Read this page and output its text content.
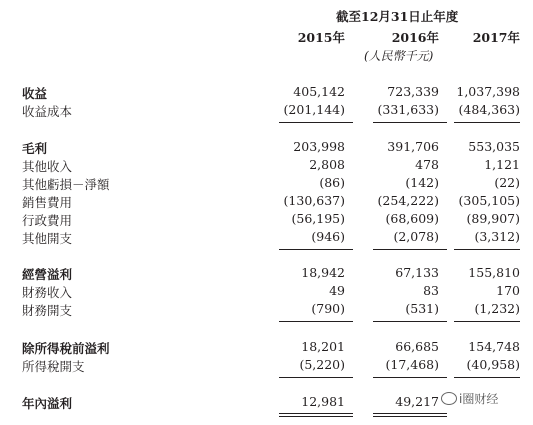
截至12月31日止年度
2015年	2016年	2017年
(人民幣千元)
收益	405,142	723,339	1,037,398
收益成本	(201,144)	(331,633)	(484,363)
毛利	203,998	391,706	553,035
其他收入	2,808	478	1,121
其他虧損－淨額	(86)	(142)	(22)
銷售費用	(130,637)	(254,222)	(305,105)
行政費用	(56,195)	(68,609)	(89,907)
其他開支	(946)	(2,078)	(3,312)
經營溢利	18,942	67,133	155,810
財務收入	49	83	170
財務開支	(790)	(531)	(1,232)
除所得稅前溢利	18,201	66,685	154,748
所得稅開支	(5,220)	(17,468)	(40,958)
年內溢利	12,981	49,217	i圈财经
